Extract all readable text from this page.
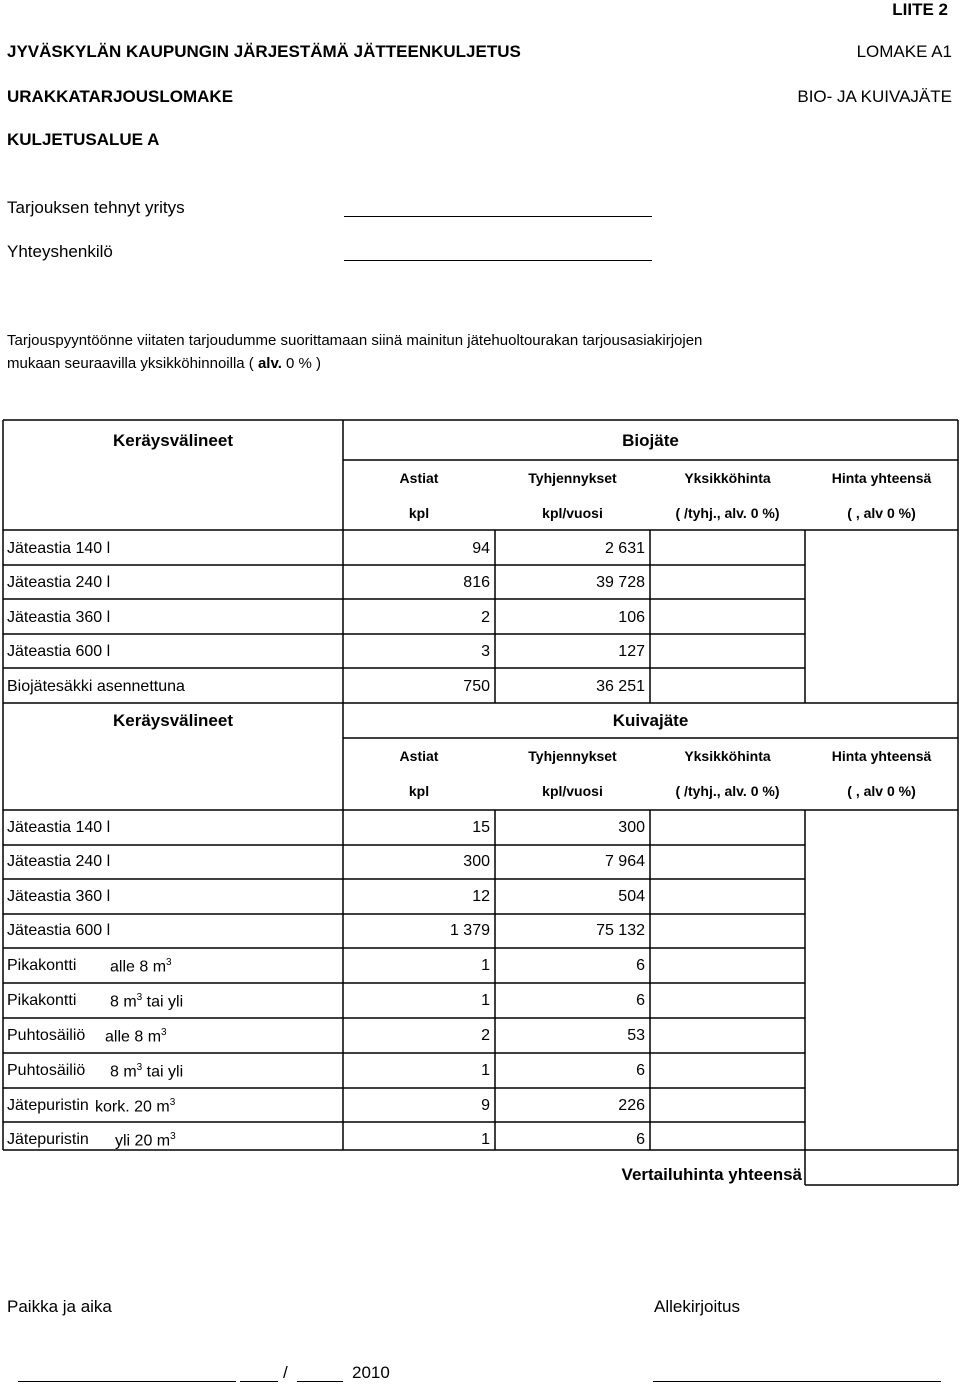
LIITE 2
JYVÄSKYLÄN KAUPUNGIN JÄRJESTÄMÄ JÄTTEENKULJETUS	LOMAKE A1
URAKKATARJOUSLOMAKE	BIO- JA KUIVAJÄTE
KULJETUSALUE A
Tarjouksen tehnyt yritys
Yhteyshenkilö
Tarjouspyyntöönne viitaten tarjoudumme suorittamaan siinä mainitun jätehuoltourakan tarjousasiakirjojen
mukaan seuraavilla yksikköhinnoilla ( alv. 0 % )
Keräysvälineet	Biojäte
Astiat	Tyhjennykset	Yksikköhinta	Hinta yhteensä
kpl	kpl/vuosi	( /tyhj., alv. 0 %)	( , alv 0 %)
Jäteastia 140 l	94	2 631
Jäteastia 240 l	816	39 728
Jäteastia 360 l	2	106
Jäteastia 600 l	3	127
Biojätesäkki asennettuna	750	36 251
Keräysvälineet	Kuivajäte
Astiat	Tyhjennykset	Yksikköhinta	Hinta yhteensä
kpl	kpl/vuosi	( /tyhj., alv. 0 %)	( , alv 0 %)
Jäteastia 140 l	15	300
Jäteastia 240 l	300	7 964
Jäteastia 360 l	12	504
Jäteastia 600 l	1 379	75 132
Pikakontti alle 8 $m^3$	1	6
Pikakontti 8 $m^3$ tai yli	1	6
Puhtosäiliö alle 8 $m^3$	2	53
Puhtosäiliö 8 $m^3$ tai yli	1	6
Jätepuristin kork. 20 $m^3$	9	226
Jätepuristin yli 20 $m^3$	1	6
Vertailuhinta yhteensä
Paikka ja aika	Allekirjoitus
/	2010
